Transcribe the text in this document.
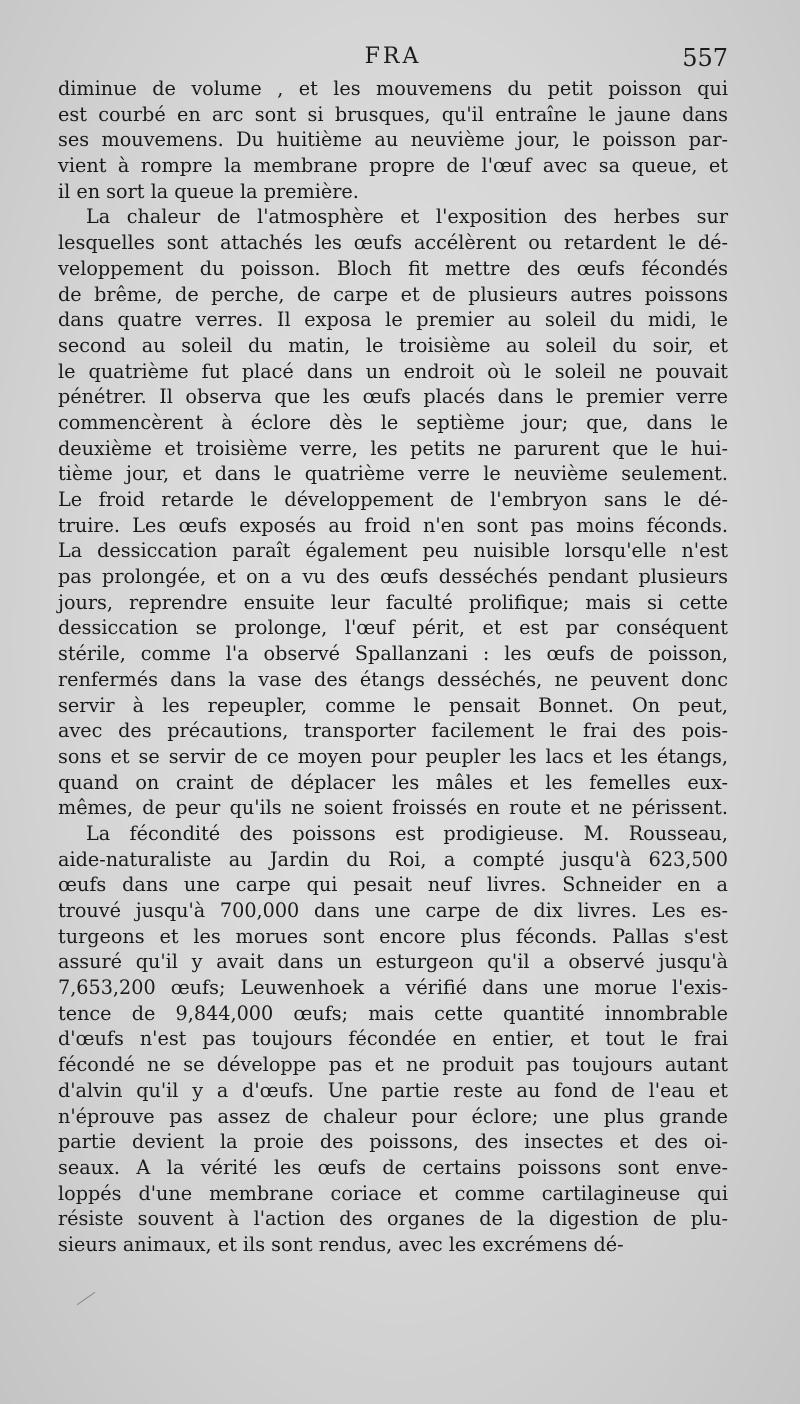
FRA	557
diminue de volume , et les mouvemens du petit poisson qui
est courbé en arc sont si brusques, qu'il entraîne le jaune dans
ses mouvemens. Du huitième au neuvième jour, le poisson par-
vient à rompre la membrane propre de l'œuf avec sa queue, et
il en sort la queue la première.
La chaleur de l'atmosphère et l'exposition des herbes sur
lesquelles sont attachés les œufs accélèrent ou retardent le dé-
veloppement du poisson. Bloch fit mettre des œufs fécondés
de brême, de perche, de carpe et de plusieurs autres poissons
dans quatre verres. Il exposa le premier au soleil du midi, le
second au soleil du matin, le troisième au soleil du soir, et
le quatrième fut placé dans un endroit où le soleil ne pouvait
pénétrer. Il observa que les œufs placés dans le premier verre
commencèrent à éclore dès le septième jour; que, dans le
deuxième et troisième verre, les petits ne parurent que le hui-
tième jour, et dans le quatrième verre le neuvième seulement.
Le froid retarde le développement de l'embryon sans le dé-
truire. Les œufs exposés au froid n'en sont pas moins féconds.
La dessiccation paraît également peu nuisible lorsqu'elle n'est
pas prolongée, et on a vu des œufs desséchés pendant plusieurs
jours, reprendre ensuite leur faculté prolifique; mais si cette
dessiccation se prolonge, l'œuf périt, et est par conséquent
stérile, comme l'a observé Spallanzani : les œufs de poisson,
renfermés dans la vase des étangs desséchés, ne peuvent donc
servir à les repeupler, comme le pensait Bonnet. On peut,
avec des précautions, transporter facilement le frai des pois-
sons et se servir de ce moyen pour peupler les lacs et les étangs,
quand on craint de déplacer les mâles et les femelles eux-
mêmes, de peur qu'ils ne soient froissés en route et ne périssent.
La fécondité des poissons est prodigieuse. M. Rousseau,
aide-naturaliste au Jardin du Roi, a compté jusqu'à 623,500
œufs dans une carpe qui pesait neuf livres. Schneider en a
trouvé jusqu'à 700,000 dans une carpe de dix livres. Les es-
turgeons et les morues sont encore plus féconds. Pallas s'est
assuré qu'il y avait dans un esturgeon qu'il a observé jusqu'à
7,653,200 œufs; Leuwenhoek a vérifié dans une morue l'exis-
tence de 9,844,000 œufs; mais cette quantité innombrable
d'œufs n'est pas toujours fécondée en entier, et tout le frai
fécondé ne se développe pas et ne produit pas toujours autant
d'alvin qu'il y a d'œufs. Une partie reste au fond de l'eau et
n'éprouve pas assez de chaleur pour éclore; une plus grande
partie devient la proie des poissons, des insectes et des oi-
seaux. A la vérité les œufs de certains poissons sont enve-
loppés d'une membrane coriace et comme cartilagineuse qui
résiste souvent à l'action des organes de la digestion de plu-
sieurs animaux, et ils sont rendus, avec les excrémens dé-
